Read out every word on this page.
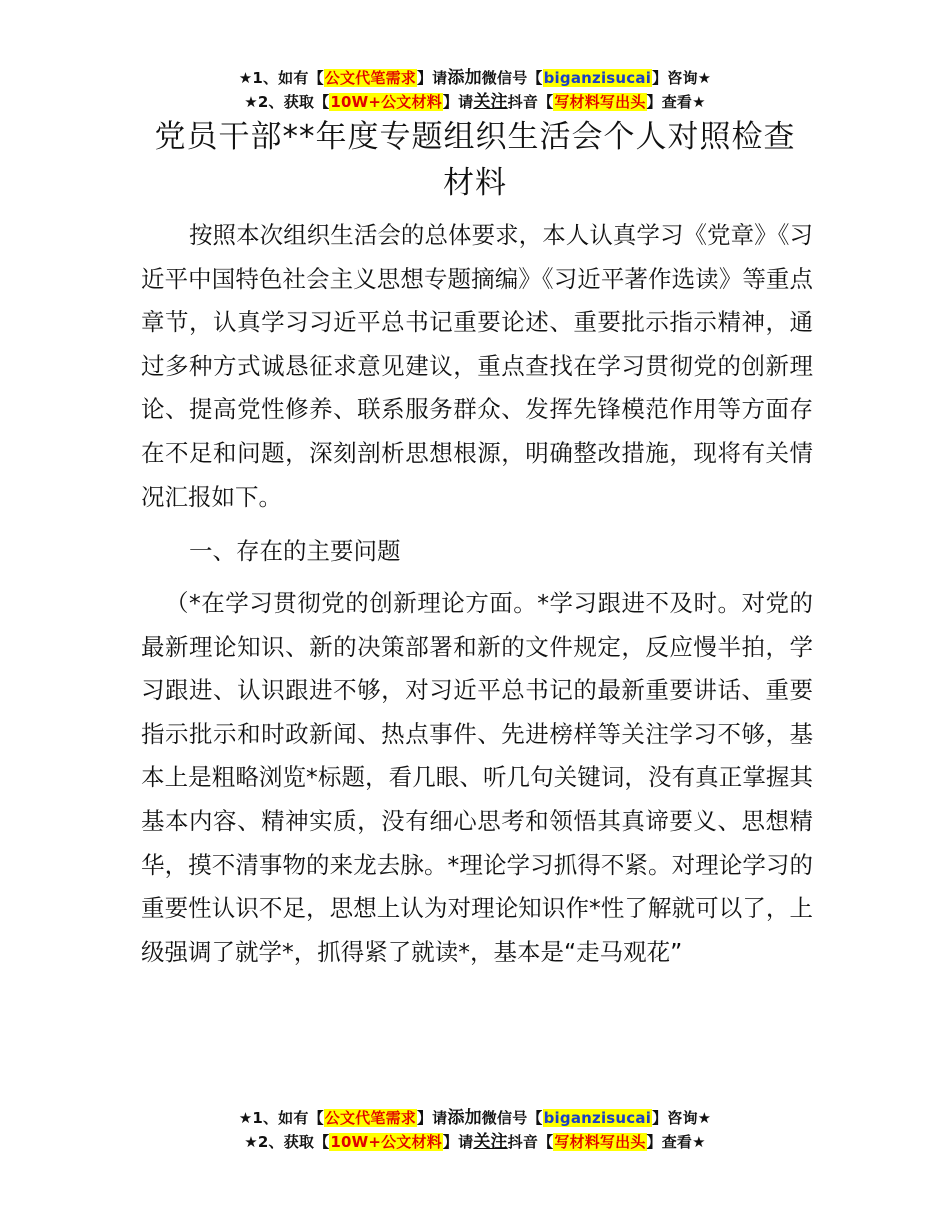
★1、如有【公文代笔需求】请添加微信号【biganzisucai】咨询★
★2、获取【10W+公文材料】请关注抖音【写材料写出头】查看★
党员干部**年度专题组织生活会个人对照检查材料
按照本次组织生活会的总体要求，本人认真学习《党章》《习近平中国特色社会主义思想专题摘编》《习近平著作选读》等重点章节，认真学习习近平总书记重要论述、重要批示指示精神，通过多种方式诚恳征求意见建议，重点查找在学习贯彻党的创新理论、提高党性修养、联系服务群众、发挥先锋模范作用等方面存在不足和问题，深刻剖析思想根源，明确整改措施，现将有关情况汇报如下。
一、存在的主要问题
（*在学习贯彻党的创新理论方面。*学习跟进不及时。对党的最新理论知识、新的决策部署和新的文件规定，反应慢半拍，学习跟进、认识跟进不够，对习近平总书记的最新重要讲话、重要指示批示和时政新闻、热点事件、先进榜样等关注学习不够，基本上是粗略浏览*标题，看几眼、听几句关键词，没有真正掌握其基本内容、精神实质，没有细心思考和领悟其真谛要义、思想精华，摸不清事物的来龙去脉。*理论学习抓得不紧。对理论学习的重要性认识不足，思想上认为对理论知识作*性了解就可以了，上级强调了就学*，抓得紧了就读*，基本是“走马观花”
★1、如有【公文代笔需求】请添加微信号【biganzisucai】咨询★
★2、获取【10W+公文材料】请关注抖音【写材料写出头】查看★
